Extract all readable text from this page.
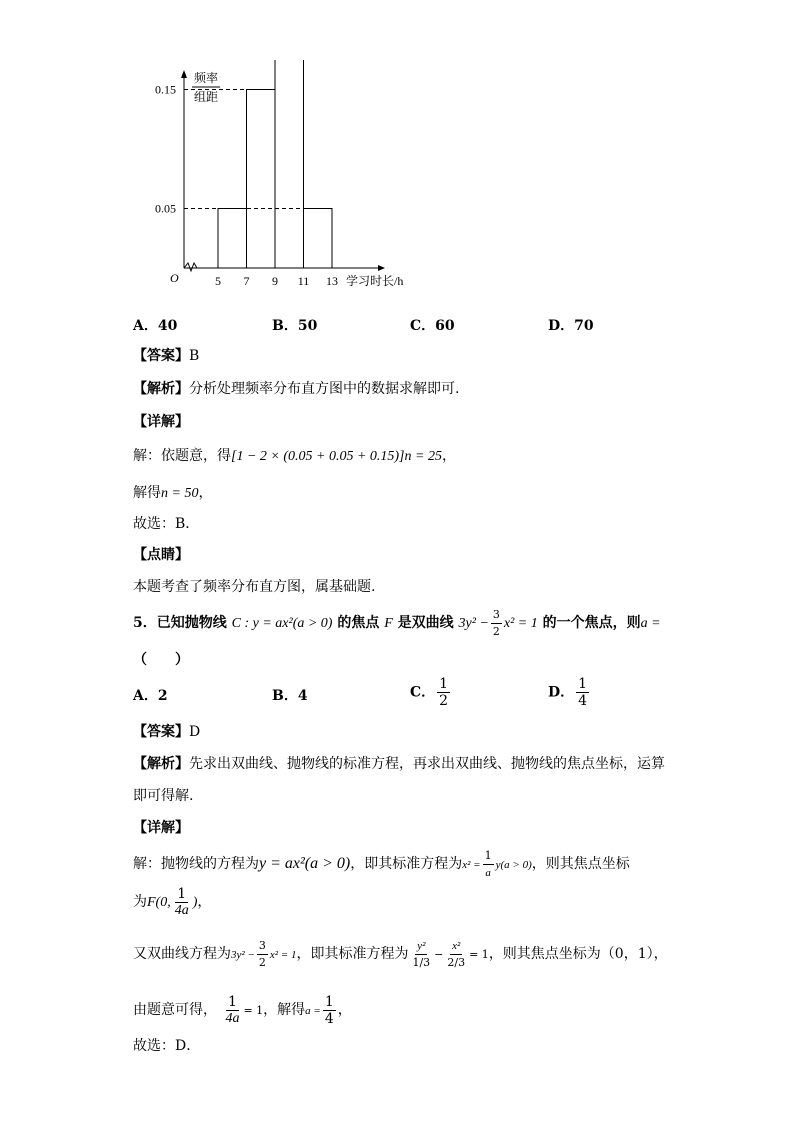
0.05
0.15
5 7 9 11 13
O	学习时长/h
频率
组距
A．40	B．50	C．60	D．70
【答案】B
【解析】分析处理频率分布直方图中的数据求解即可.
【详解】
解：依题意，得[1 − 2 × (0.05 + 0.05 + 0.15)]n = 25，
解得n = 50，
故选：B．
【点睛】
本题考查了频率分布直方图，属基础题.
5．已知抛物线 C : y = ax²(a > 0) 的焦点 F 是双曲线 $3y^2 - \frac{3}{2} x^2 = 1$ 的一个焦点，则a =
（　　）
A．2	B．4	C． $\frac{1}{2}$	D． $\frac{1}{4}$
【答案】D
【解析】先求出双曲线、抛物线的标准方程，再求出双曲线、抛物线的焦点坐标，运算
即可得解.
【详解】
解：抛物线的方程为y = ax²(a > 0)，即其标准方程为$x^2 = \frac{1}{a} y(a > 0)$，则其焦点坐标
为F(0, $\frac{1}{4a}$ )，
又双曲线方程为$3y^2 - \frac{3}{2} x^2 = 1$，即其标准方程为 $\frac{\text{y²}}{1/3} - \frac{\text{x²}}{2/3} = 1$，则其焦点坐标为（0，1），
由题意可得， $\frac{1}{4a} = 1$，解得$a = \frac{1}{4}$ ，
故选：D．
